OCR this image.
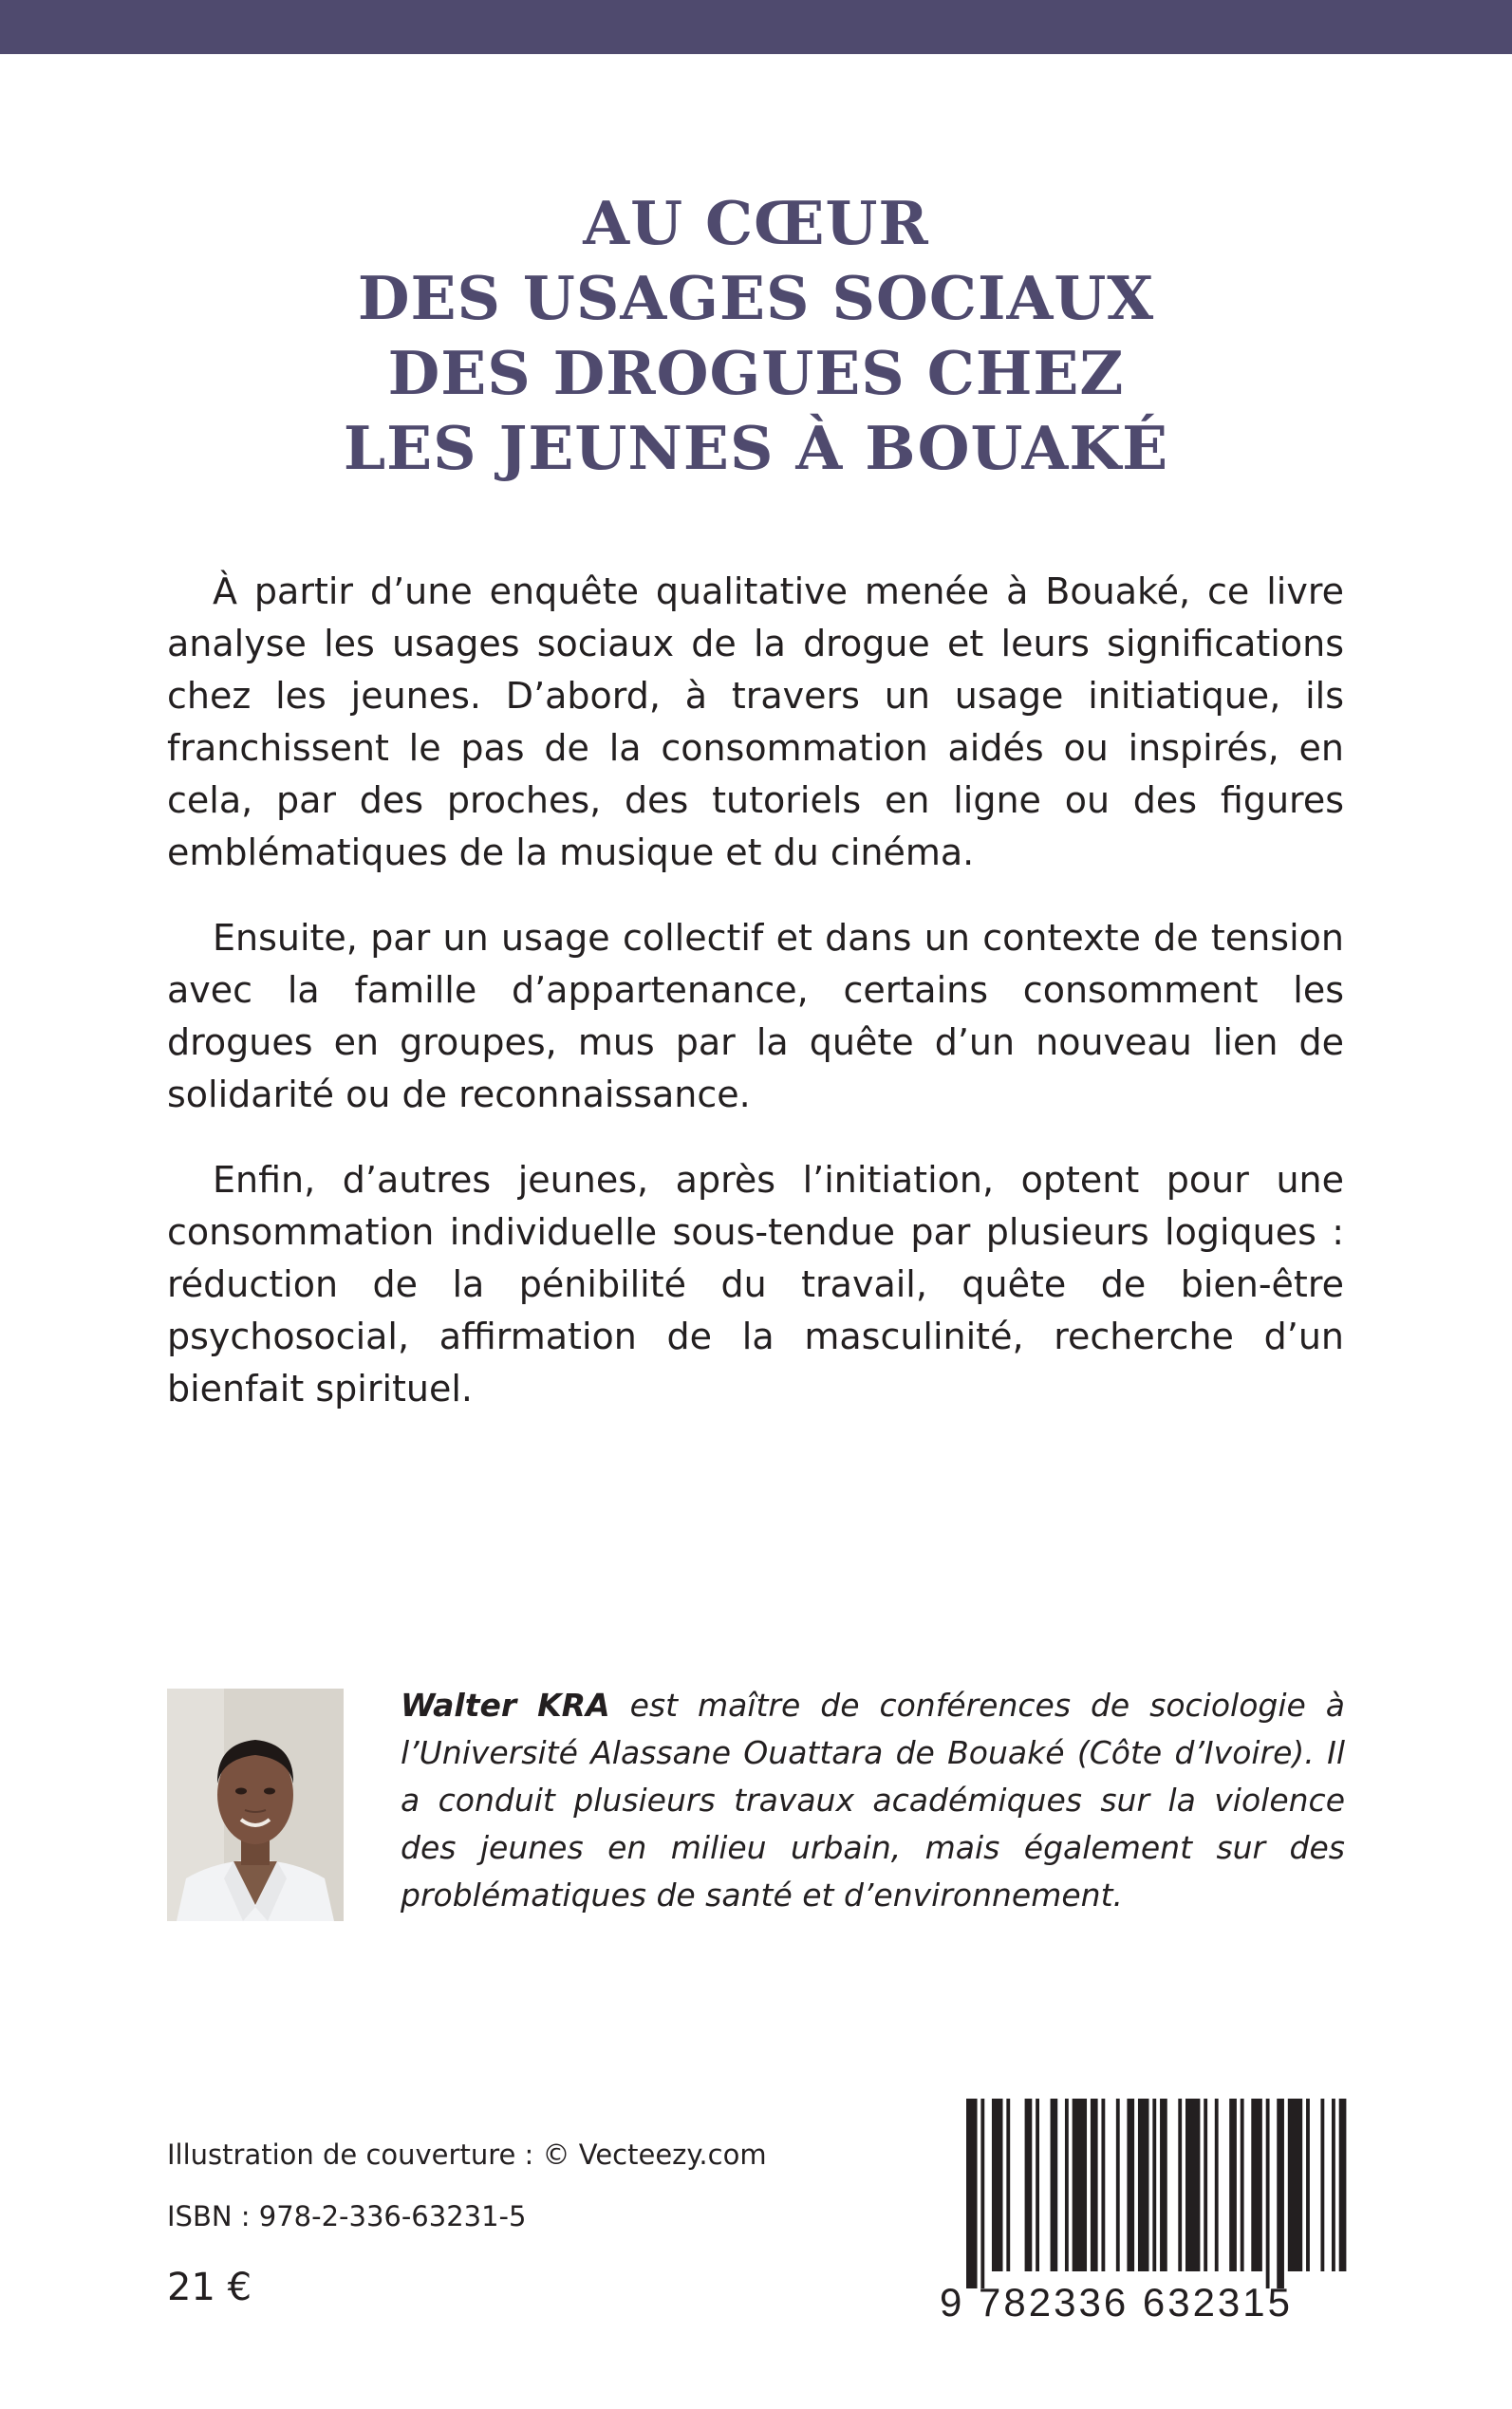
AU CŒUR
DES USAGES SOCIAUX
DES DROGUES CHEZ
LES JEUNES À BOUAKÉ

À partir d’une enquête qualitative menée à Bouaké, ce livre analyse les usages sociaux de la drogue et leurs significations chez les jeunes. D’abord, à travers un usage initiatique, ils franchissent le pas de la consommation aidés ou inspirés, en cela, par des proches, des tutoriels en ligne ou des figures emblématiques de la musique et du cinéma.

Ensuite, par un usage collectif et dans un contexte de tension avec la famille d’appartenance, certains consomment les drogues en groupes, mus par la quête d’un nouveau lien de solidarité ou de reconnaissance.

Enfin, d’autres jeunes, après l’initiation, optent pour une consommation individuelle sous-tendue par plusieurs logiques : réduction de la pénibilité du travail, quête de bien-être psychosocial, affirmation de la masculinité, recherche d’un bienfait spirituel.

Walter KRA est maître de conférences de sociologie à l’Université Alassane Ouattara de Bouaké (Côte d’Ivoire). Il a conduit plusieurs travaux académiques sur la violence des jeunes en milieu urbain, mais également sur des problématiques de santé et d’environnement.

Illustration de couverture : © Vecteezy.com

ISBN : 978-2-336-63231-5

21 €	9 782336 632315
